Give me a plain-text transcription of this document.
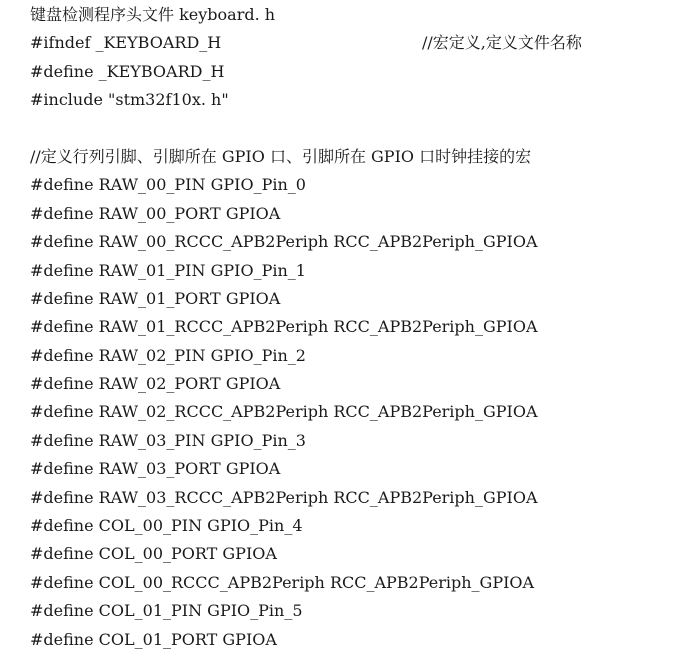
键盘检测程序头文件 keyboard. h
#ifndef _KEYBOARD_H	//宏定义,定义文件名称
#define _KEYBOARD_H
#include "stm32f10x. h"
//定义行列引脚、引脚所在 GPIO 口、引脚所在 GPIO 口时钟挂接的宏
#define RAW_00_PIN GPIO_Pin_0
#define RAW_00_PORT GPIOA
#define RAW_00_RCCC_APB2Periph RCC_APB2Periph_GPIOA
#define RAW_01_PIN GPIO_Pin_1
#define RAW_01_PORT GPIOA
#define RAW_01_RCCC_APB2Periph RCC_APB2Periph_GPIOA
#define RAW_02_PIN GPIO_Pin_2
#define RAW_02_PORT GPIOA
#define RAW_02_RCCC_APB2Periph RCC_APB2Periph_GPIOA
#define RAW_03_PIN GPIO_Pin_3
#define RAW_03_PORT GPIOA
#define RAW_03_RCCC_APB2Periph RCC_APB2Periph_GPIOA
#define COL_00_PIN GPIO_Pin_4
#define COL_00_PORT GPIOA
#define COL_00_RCCC_APB2Periph RCC_APB2Periph_GPIOA
#define COL_01_PIN GPIO_Pin_5
#define COL_01_PORT GPIOA
